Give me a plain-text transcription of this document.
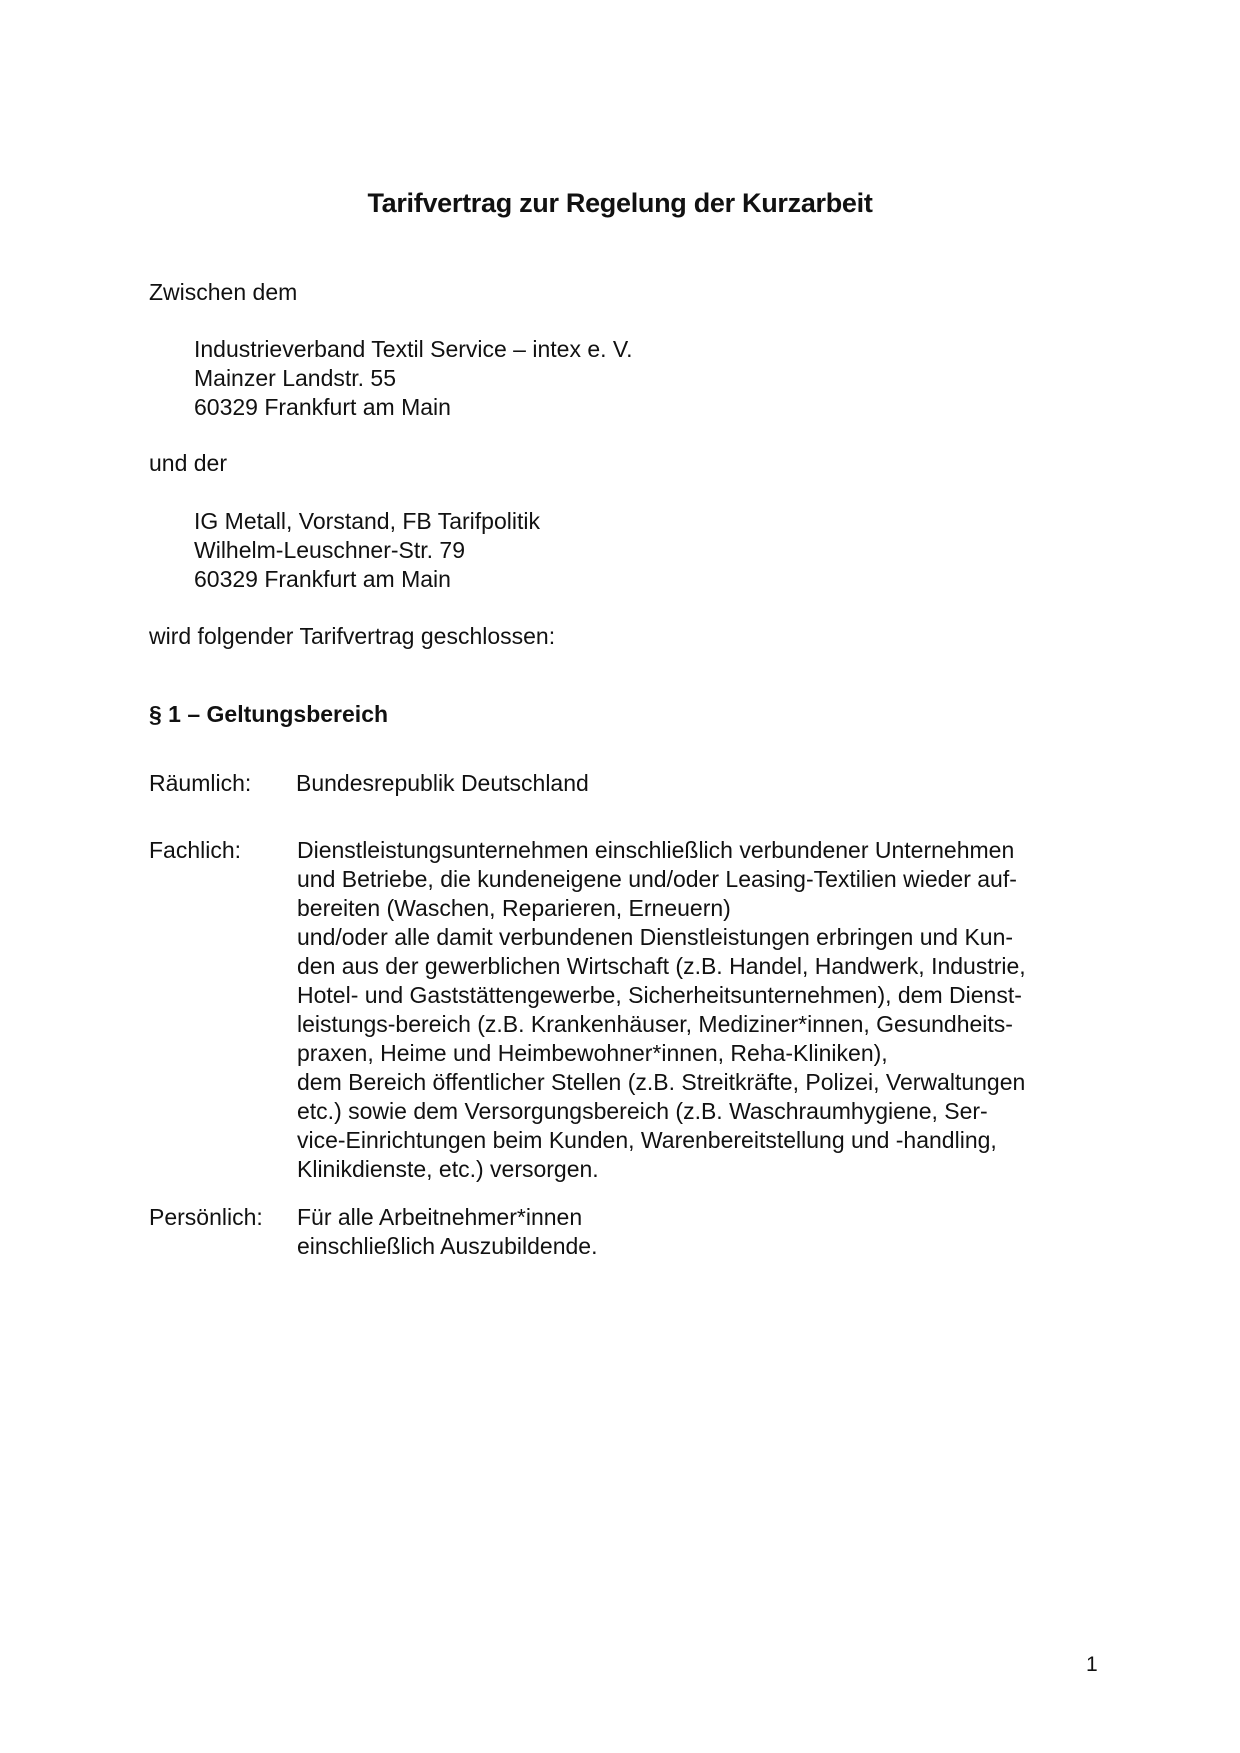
Tarifvertrag zur Regelung der Kurzarbeit
Zwischen dem
Industrieverband Textil Service – intex e. V.
Mainzer Landstr. 55
60329 Frankfurt am Main
und der
IG Metall, Vorstand, FB Tarifpolitik
Wilhelm-Leuschner-Str. 79
60329 Frankfurt am Main
wird folgender Tarifvertrag geschlossen:
§ 1 – Geltungsbereich
Räumlich: Bundesrepublik Deutschland
Fachlich: Dienstleistungsunternehmen einschließlich verbundener Unternehmen
und Betriebe, die kundeneigene und/oder Leasing-Textilien wieder auf-
bereiten (Waschen, Reparieren, Erneuern)
und/oder alle damit verbundenen Dienstleistungen erbringen und Kun-
den aus der gewerblichen Wirtschaft (z.B. Handel, Handwerk, Industrie,
Hotel- und Gaststättengewerbe, Sicherheitsunternehmen), dem Dienst-
leistungs-bereich (z.B. Krankenhäuser, Mediziner*innen, Gesundheits-
praxen, Heime und Heimbewohner*innen, Reha-Kliniken),
dem Bereich öffentlicher Stellen (z.B. Streitkräfte, Polizei, Verwaltungen
etc.) sowie dem Versorgungsbereich (z.B. Waschraumhygiene, Ser-
vice-Einrichtungen beim Kunden, Warenbereitstellung und -handling,
Klinikdienste, etc.) versorgen.
Persönlich: Für alle Arbeitnehmer*innen
einschließlich Auszubildende.
1
